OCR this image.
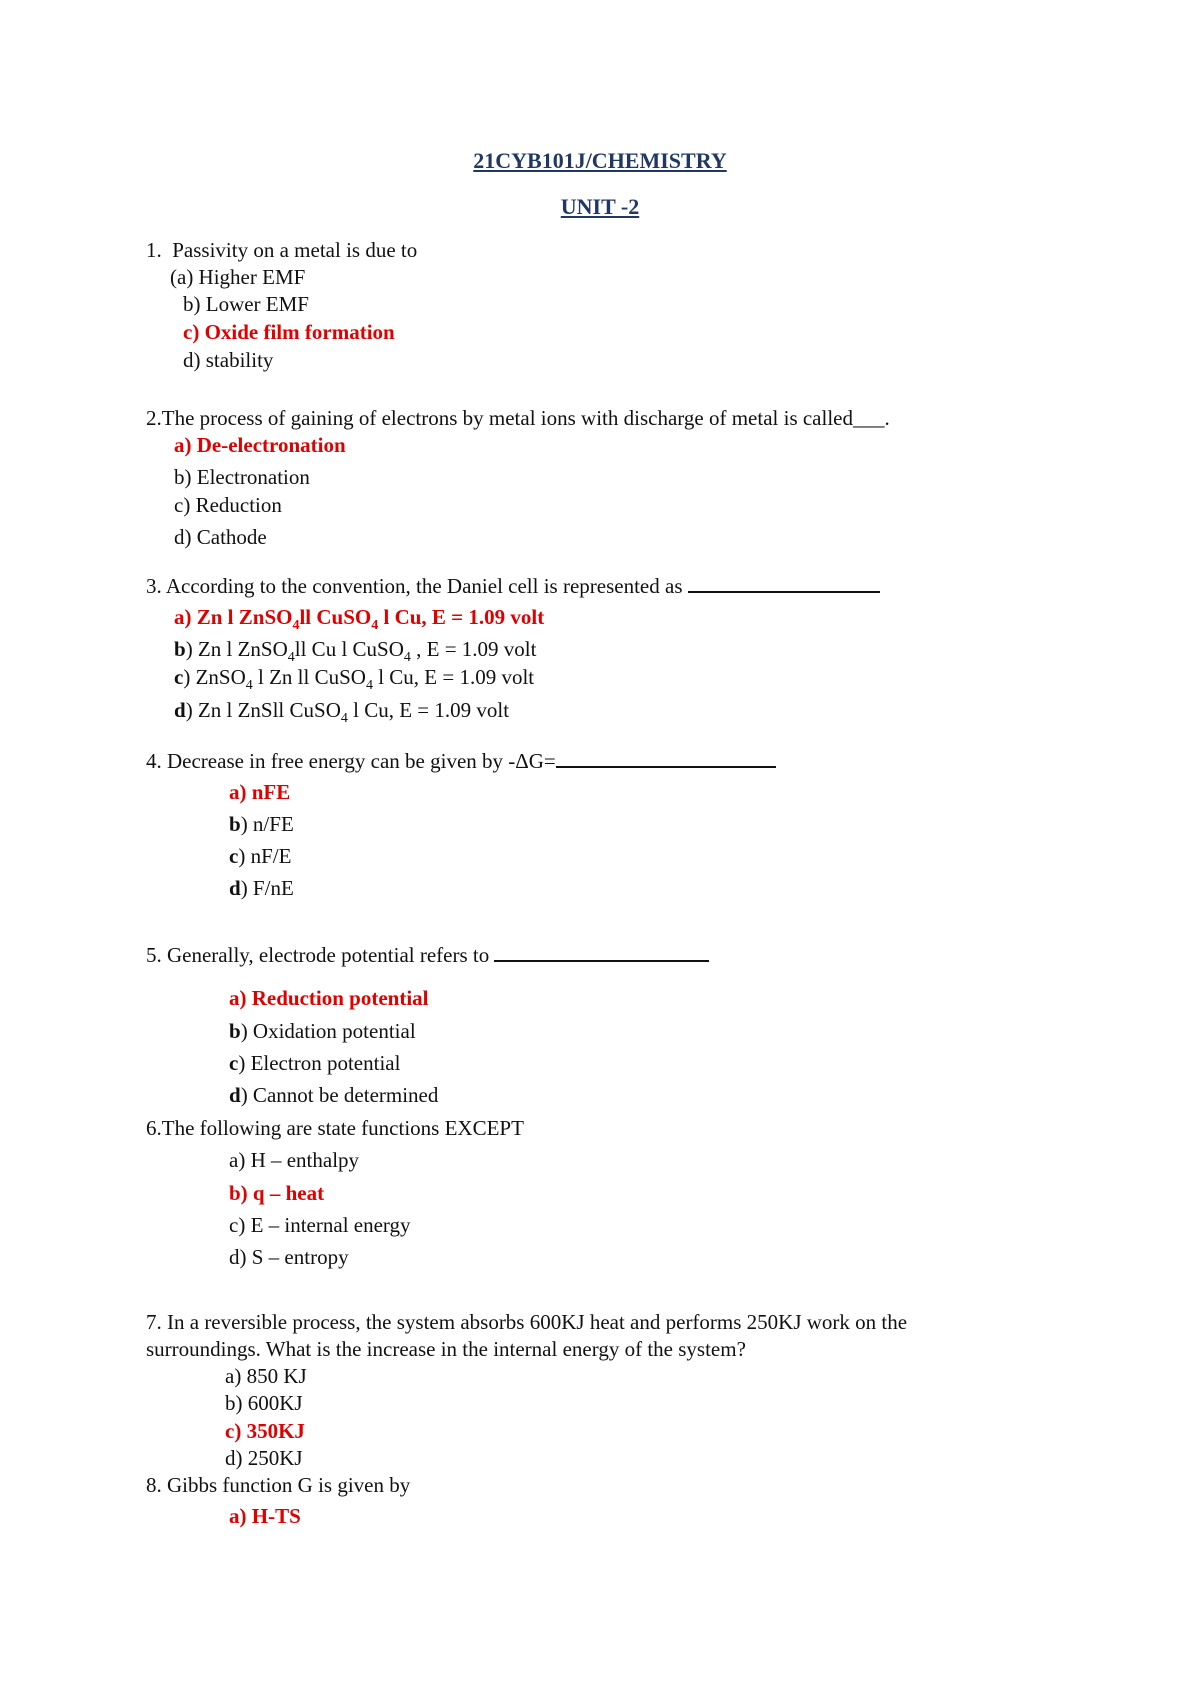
21CYB101J/CHEMISTRY
UNIT -2
1. Passivity on a metal is due to
(a) Higher EMF
b) Lower EMF
c) Oxide film formation
d) stability
2.The process of gaining of electrons by metal ions with discharge of metal is called___.
a) De-electronation
b) Electronation
c) Reduction
d) Cathode
3. According to the convention, the Daniel cell is represented as
a) Zn l ZnSO$_4$ll CuSO$_4$ l Cu, E = 1.09 volt
b) Zn l ZnSO$_4$ll Cu l CuSO$_4$ , E = 1.09 volt
c) ZnSO$_4$ l Zn ll CuSO$_4$ l Cu, E = 1.09 volt
d) Zn l ZnSll CuSO$_4$ l Cu, E = 1.09 volt
4. Decrease in free energy can be given by -ΔG=
a) nFE
b) n/FE
c) nF/E
d) F/nE
5. Generally, electrode potential refers to
a) Reduction potential
b) Oxidation potential
c) Electron potential
d) Cannot be determined
6.The following are state functions EXCEPT
a) H – enthalpy
b) q – heat
c) E – internal energy
d) S – entropy
7. In a reversible process, the system absorbs 600KJ heat and performs 250KJ work on the
surroundings. What is the increase in the internal energy of the system?
a) 850 KJ
b) 600KJ
c) 350KJ
d) 250KJ
8. Gibbs function G is given by
a) H-TS
